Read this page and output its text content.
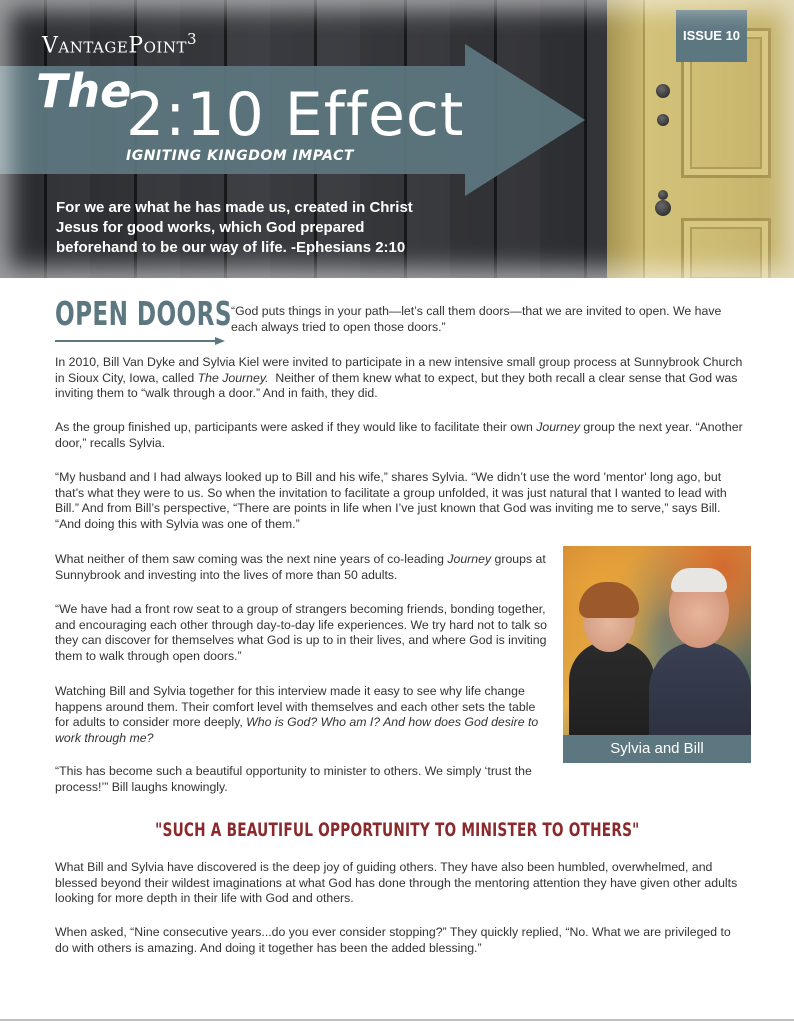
VantagePoint$^3$
The
2:10 Effect
IGNITING KINGDOM IMPACT
For we are what he has made us, created in Christ Jesus for good works, which God prepared beforehand to be our way of life. -Ephesians 2:10
ISSUE 10
OPEN DOORS “God puts things in your path—let’s call them doors—that we are invited to open. We have each always tried to open those doors.”

In 2010, Bill Van Dyke and Sylvia Kiel were invited to participate in a new intensive small group process at Sunnybrook Church in Sioux City, Iowa, called The Journey.  Neither of them knew what to expect, but they both recall a clear sense that God was inviting them to “walk through a door.” And in faith, they did.

As the group finished up, participants were asked if they would like to facilitate their own Journey group the next year. “Another door,” recalls Sylvia.

“My husband and I had always looked up to Bill and his wife,” shares Sylvia. “We didn’t use the word 'mentor' long ago, but that’s what they were to us. So when the invitation to facilitate a group unfolded, it was just natural that I wanted to lead with Bill.” And from Bill’s perspective, “There are points in life when I’ve just known that God was inviting me to serve,” says Bill. “And doing this with Sylvia was one of them.”

What neither of them saw coming was the next nine years of co-leading Journey groups at Sunnybrook and investing into the lives of more than 50 adults.

“We have had a front row seat to a group of strangers becoming friends, bonding together, and encouraging each other through day-to-day life experiences. We try hard not to talk so they can discover for themselves what God is up to in their lives, and where God is inviting them to walk through open doors.”

Watching Bill and Sylvia together for this interview made it easy to see why life change happens around them. Their comfort level with themselves and each other sets the table for adults to consider more deeply, Who is God? Who am I? And how does God desire to work through me?

“This has become such a beautiful opportunity to minister to others. We simply ‘trust the process!’” Bill laughs knowingly.

Sylvia and Bill
"SUCH A BEAUTIFUL OPPORTUNITY TO MINISTER TO OTHERS"

What Bill and Sylvia have discovered is the deep joy of guiding others. They have also been humbled, overwhelmed, and blessed beyond their wildest imaginations at what God has done through the mentoring attention they have given other adults looking for more depth in their life with God and others.

When asked, “Nine consecutive years...do you ever consider stopping?” They quickly replied, “No. What we are privileged to do with others is amazing. And doing it together has been the added blessing.”
